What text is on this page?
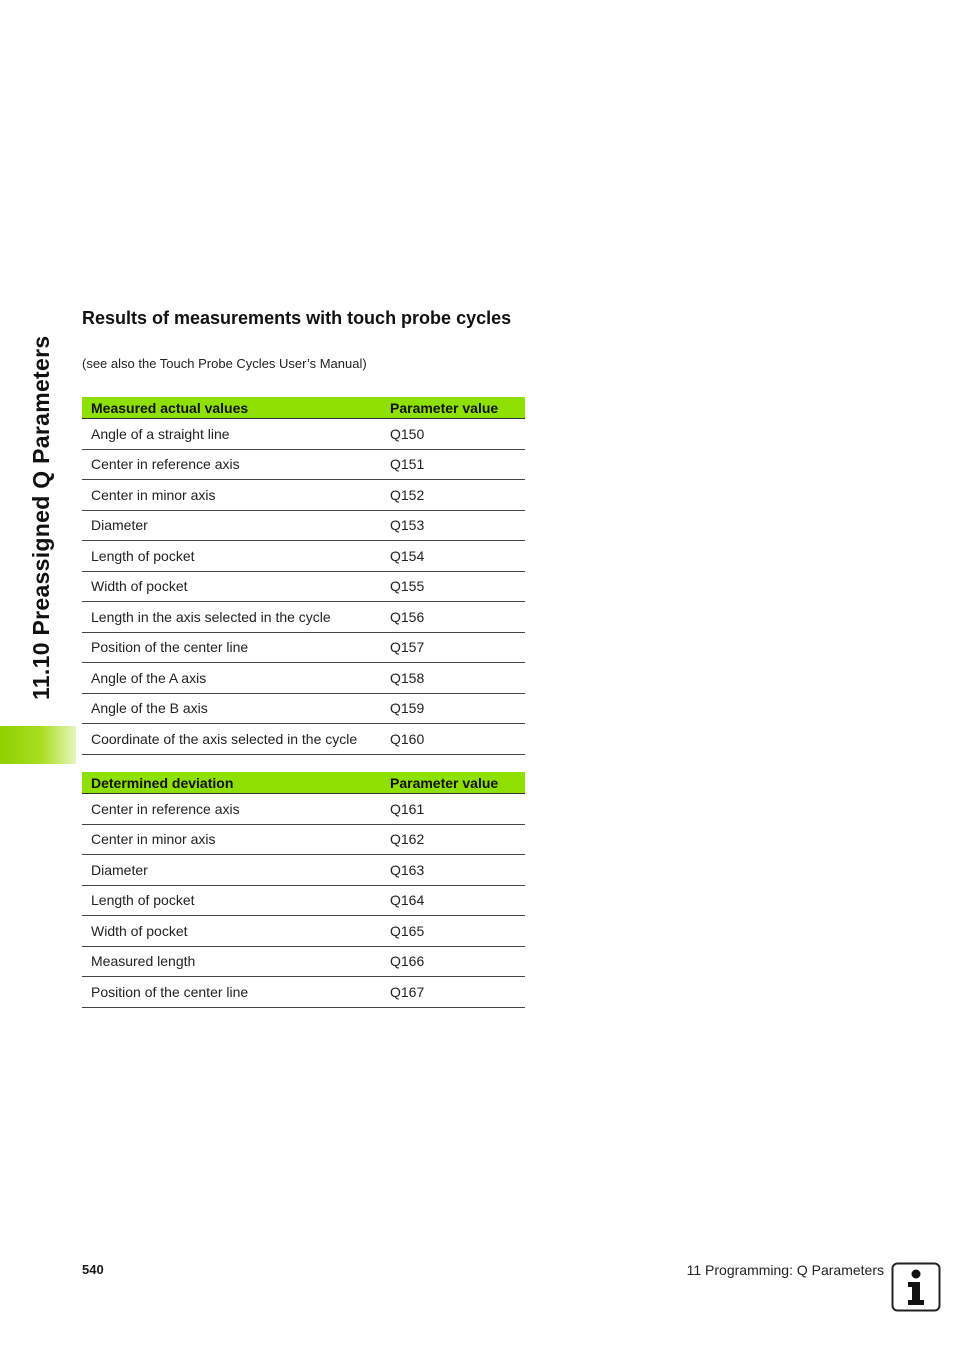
11.10 Preassigned Q Parameters
Results of measurements with touch probe cycles
(see also the Touch Probe Cycles User’s Manual)
Measured actual values	Parameter value
Angle of a straight line	Q150
Center in reference axis	Q151
Center in minor axis	Q152
Diameter	Q153
Length of pocket	Q154
Width of pocket	Q155
Length in the axis selected in the cycle	Q156
Position of the center line	Q157
Angle of the A axis	Q158
Angle of the B axis	Q159
Coordinate of the axis selected in the cycle	Q160
Determined deviation	Parameter value
Center in reference axis	Q161
Center in minor axis	Q162
Diameter	Q163
Length of pocket	Q164
Width of pocket	Q165
Measured length	Q166
Position of the center line	Q167
540	11 Programming: Q Parameters
